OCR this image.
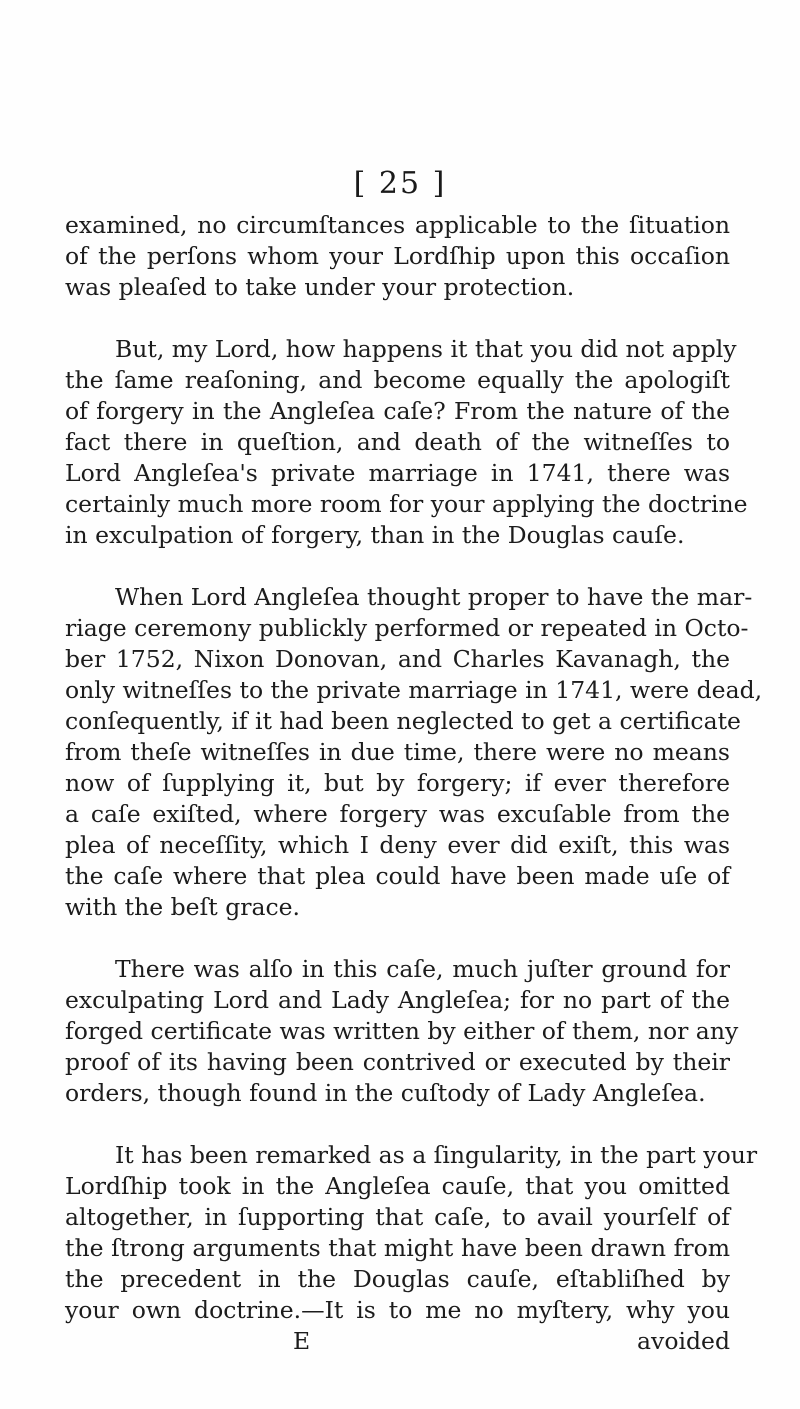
[ 25 ]
examined, no circumſtances applicable to the ſituation
of the perſons whom your Lordſhip upon this occaſion
was pleaſed to take under your protection.
But, my Lord, how happens it that you did not apply
the ſame reaſoning, and become equally the apologiſt
of forgery in the Angleſea caſe? From the nature of the
fact there in queſtion, and death of the witneſſes to
Lord Angleſea's private marriage in 1741, there was
certainly much more room for your applying the doctrine
in exculpation of forgery, than in the Douglas cauſe.
When Lord Angleſea thought proper to have the mar-
riage ceremony publickly performed or repeated in Octo-
ber 1752, Nixon Donovan, and Charles Kavanagh, the
only witneſſes to the private marriage in 1741, were dead,
conſequently, if it had been neglected to get a certificate
from theſe witneſſes in due time, there were no means
now of ſupplying it, but by forgery; if ever therefore
a caſe exiſted, where forgery was excuſable from the
plea of neceſſity, which I deny ever did exiſt, this was
the caſe where that plea could have been made uſe of
with the beſt grace.
There was alſo in this caſe, much juſter ground for
exculpating Lord and Lady Angleſea; for no part of the
forged certificate was written by either of them, nor any
proof of its having been contrived or executed by their
orders, though found in the cuſtody of Lady Angleſea.
It has been remarked as a ſingularity, in the part your
Lordſhip took in the Angleſea cauſe, that you omitted
altogether, in ſupporting that caſe, to avail yourſelf of
the ſtrong arguments that might have been drawn from
the precedent in the Douglas cauſe, eſtabliſhed by
your own doctrine.—It is to me no myſtery, why you
E	avoided
